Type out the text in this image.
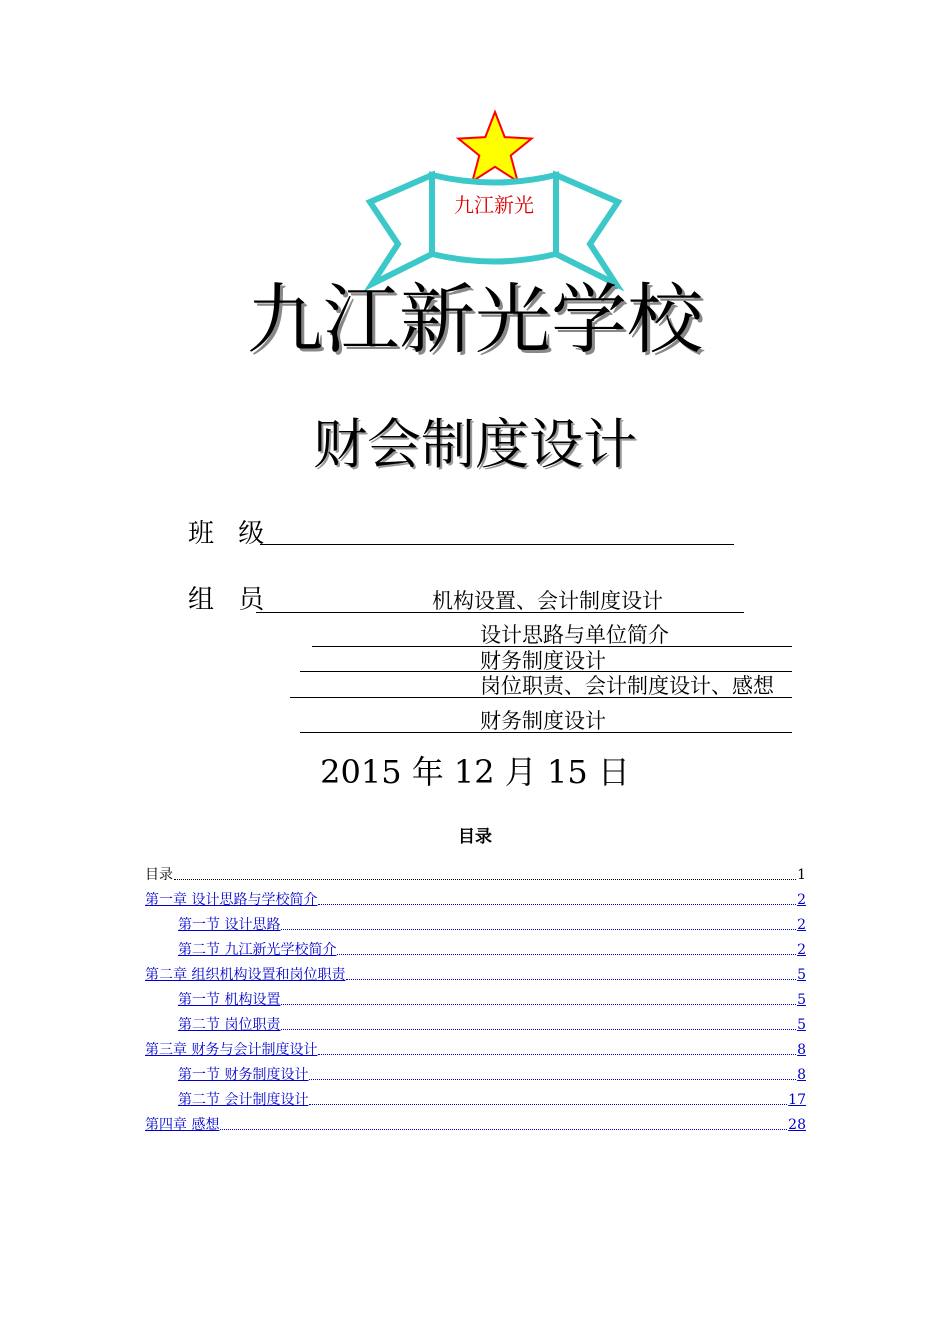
九江新光
九江新光学校
财会制度设计
班 级
组 员	机构设置、会计制度设计
设计思路与单位简介
财务制度设计
岗位职责、会计制度设计、感想
财务制度设计
2015 年 12 月 15 日
目录
目录	1
第一章 设计思路与学校简介	2
第一节 设计思路	2
第二节 九江新光学校简介	2
第二章 组织机构设置和岗位职责	5
第一节 机构设置	5
第二节 岗位职责	5
第三章 财务与会计制度设计	8
第一节 财务制度设计	8
第二节 会计制度设计	17
第四章 感想	28
